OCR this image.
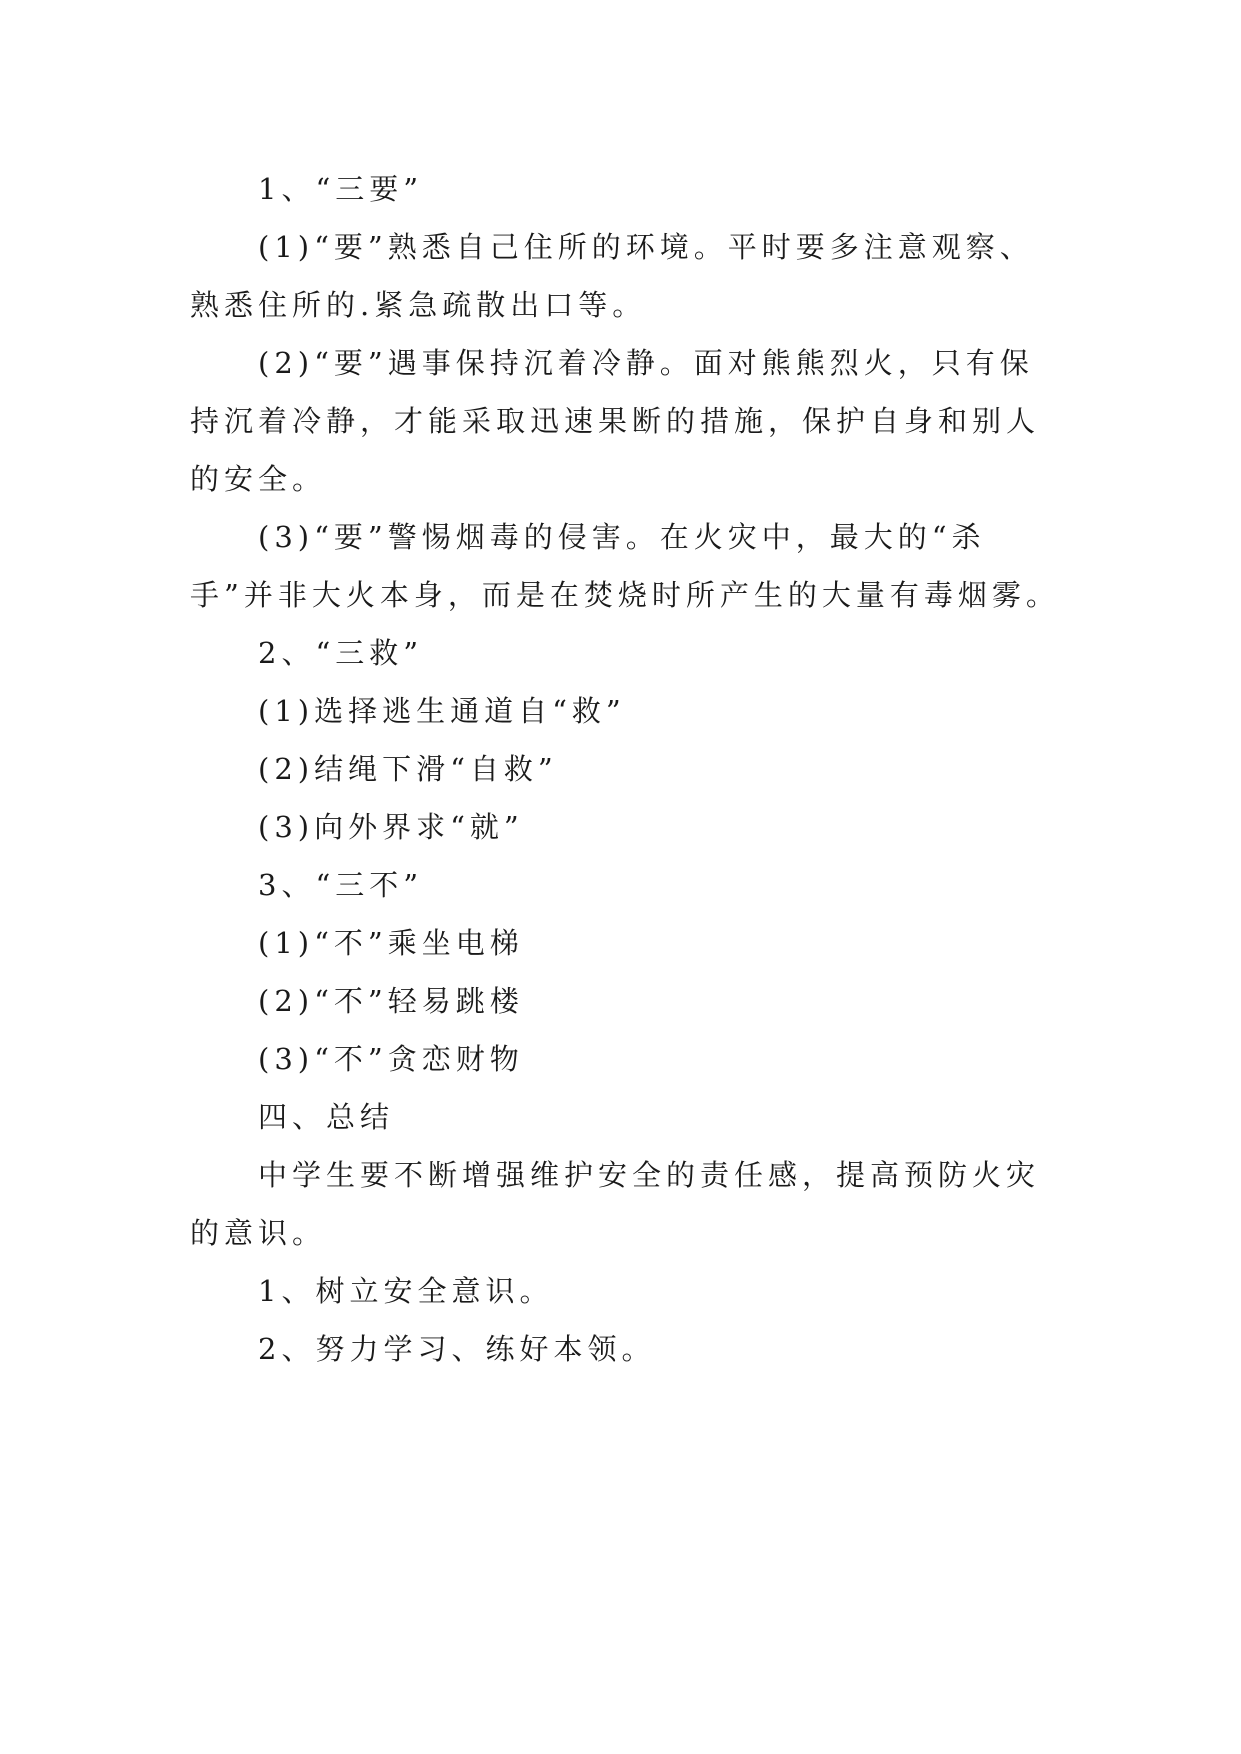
1、“三要”

(1)“要”熟悉自己住所的环境。平时要多注意观察、熟悉住所的.紧急疏散出口等。

(2)“要”遇事保持沉着冷静。面对熊熊烈火，只有保持沉着冷静，才能采取迅速果断的措施，保护自身和别人的安全。

(3)“要”警惕烟毒的侵害。在火灾中，最大的“杀手”并非大火本身，而是在焚烧时所产生的大量有毒烟雾。

2、“三救”

(1)选择逃生通道自“救”

(2)结绳下滑“自救”

(3)向外界求“就”

3、“三不”

(1)“不”乘坐电梯

(2)“不”轻易跳楼

(3)“不”贪恋财物

四、总结

中学生要不断增强维护安全的责任感，提高预防火灾的意识。

1、树立安全意识。

2、努力学习、练好本领。
